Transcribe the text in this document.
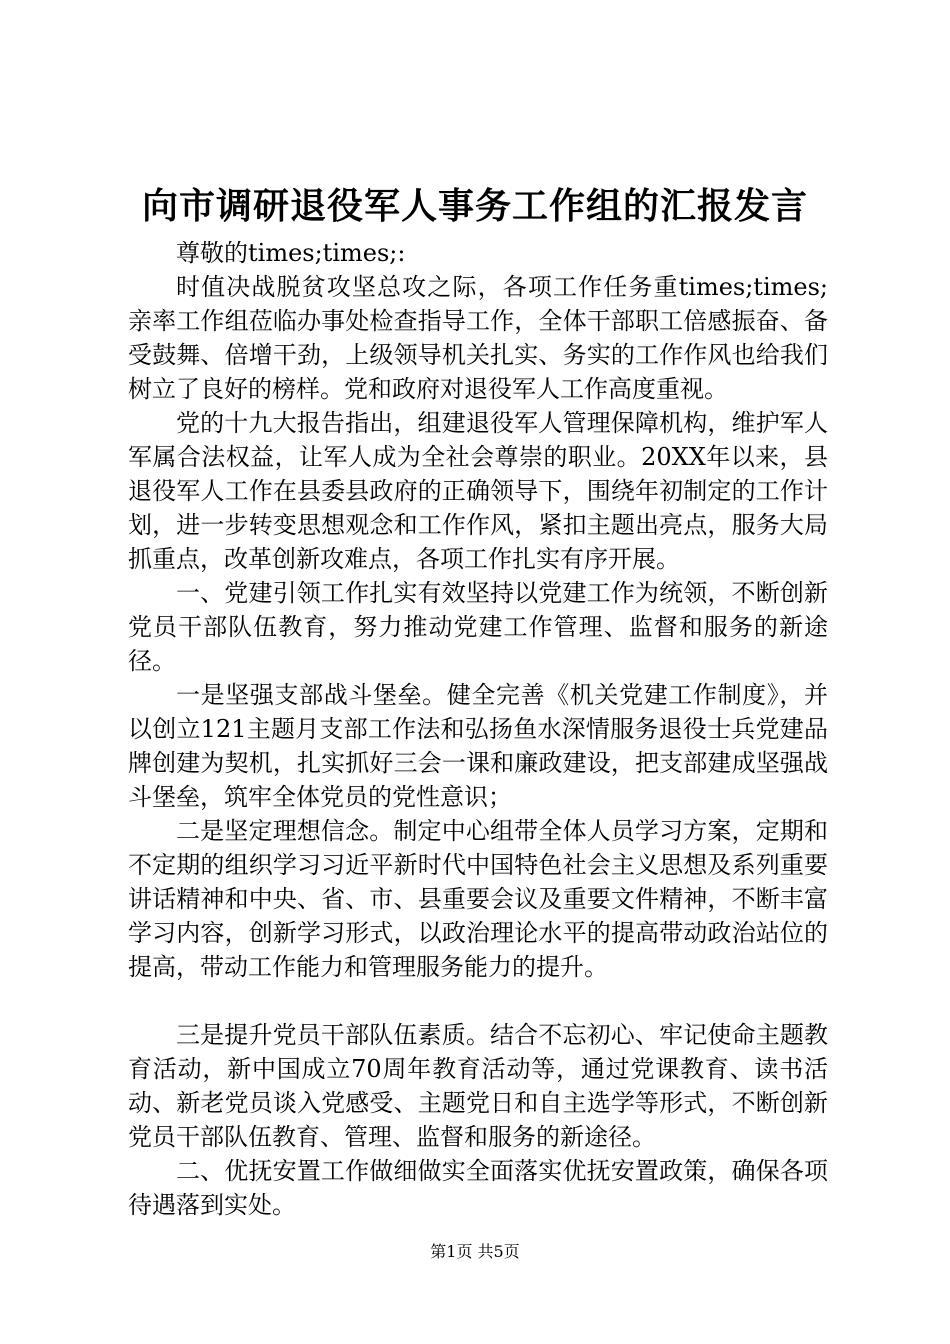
向市调研退役军人事务工作组的汇报发言

尊敬的times;times;:

时值决战脱贫攻坚总攻之际，各项工作任务重times;times;亲率工作组莅临办事处检查指导工作，全体干部职工倍感振奋、备受鼓舞、倍增干劲，上级领导机关扎实、务实的工作作风也给我们树立了良好的榜样。党和政府对退役军人工作高度重视。

党的十九大报告指出，组建退役军人管理保障机构，维护军人军属合法权益，让军人成为全社会尊崇的职业。20XX年以来，县退役军人工作在县委县政府的正确领导下，围绕年初制定的工作计划，进一步转变思想观念和工作作风，紧扣主题出亮点，服务大局抓重点，改革创新攻难点，各项工作扎实有序开展。

一、党建引领工作扎实有效坚持以党建工作为统领，不断创新党员干部队伍教育，努力推动党建工作管理、监督和服务的新途径。

一是坚强支部战斗堡垒。健全完善《机关党建工作制度》，并以创立121主题月支部工作法和弘扬鱼水深情服务退役士兵党建品牌创建为契机，扎实抓好三会一课和廉政建设，把支部建成坚强战斗堡垒，筑牢全体党员的党性意识；

二是坚定理想信念。制定中心组带全体人员学习方案，定期和不定期的组织学习习近平新时代中国特色社会主义思想及系列重要讲话精神和中央、省、市、县重要会议及重要文件精神，不断丰富学习内容，创新学习形式，以政治理论水平的提高带动政治站位的提高，带动工作能力和管理服务能力的提升。

三是提升党员干部队伍素质。结合不忘初心、牢记使命主题教育活动，新中国成立70周年教育活动等，通过党课教育、读书活动、新老党员谈入党感受、主题党日和自主选学等形式，不断创新党员干部队伍教育、管理、监督和服务的新途径。

二、优抚安置工作做细做实全面落实优抚安置政策，确保各项待遇落到实处。

第1页 共5页
